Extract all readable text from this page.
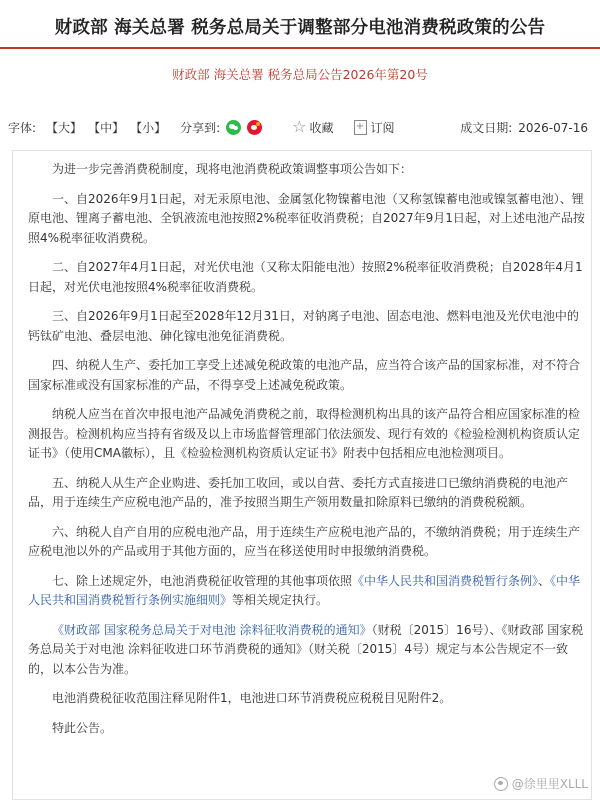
财政部 海关总署 税务总局关于调整部分电池消费税政策的公告
财政部 海关总署 税务总局公告2026年第20号
字体: 【大】 【中】 【小】 分享到:	☆ 收藏 + 订阅	成文日期: 2026-07-16

为进一步完善消费税制度，现将电池消费税政策调整事项公告如下：

一、自2026年9月1日起，对无汞原电池、金属氢化物镍蓄电池（又称氢镍蓄电池或镍氢蓄电池）、锂原电池、锂离子蓄电池、全钒液流电池按照2%税率征收消费税；自2027年9月1日起，对上述电池产品按照4%税率征收消费税。

二、自2027年4月1日起，对光伏电池（又称太阳能电池）按照2%税率征收消费税；自2028年4月1日起，对光伏电池按照4%税率征收消费税。

三、自2026年9月1日起至2028年12月31日，对钠离子电池、固态电池、燃料电池及光伏电池中的钙钛矿电池、叠层电池、砷化镓电池免征消费税。

四、纳税人生产、委托加工享受上述减免税政策的电池产品，应当符合该产品的国家标准，对不符合国家标准或没有国家标准的产品，不得享受上述减免税政策。

纳税人应当在首次申报电池产品减免消费税之前，取得检测机构出具的该产品符合相应国家标准的检测报告。检测机构应当持有省级及以上市场监督管理部门依法颁发、现行有效的《检验检测机构资质认定证书》（使用CMA徽标），且《检验检测机构资质认定证书》附表中包括相应电池检测项目。

五、纳税人从生产企业购进、委托加工收回，或以自营、委托方式直接进口已缴纳消费税的电池产品，用于连续生产应税电池产品的，准予按照当期生产领用数量扣除原料已缴纳的消费税税额。

六、纳税人自产自用的应税电池产品，用于连续生产应税电池产品的，不缴纳消费税；用于连续生产应税电池以外的产品或用于其他方面的，应当在移送使用时申报缴纳消费税。

七、除上述规定外，电池消费税征收管理的其他事项依照《中华人民共和国消费税暂行条例》、《中华人民共和国消费税暂行条例实施细则》等相关规定执行。

《财政部 国家税务总局关于对电池 涂料征收消费税的通知》（财税〔2015〕16号）、《财政部 国家税务总局关于对电池 涂料征收进口环节消费税的通知》（财关税〔2015〕4号）规定与本公告规定不一致的，以本公告为准。

电池消费税征收范围注释见附件1，电池进口环节消费税应税税目见附件2。

特此公告。

@徐里里XLLL
